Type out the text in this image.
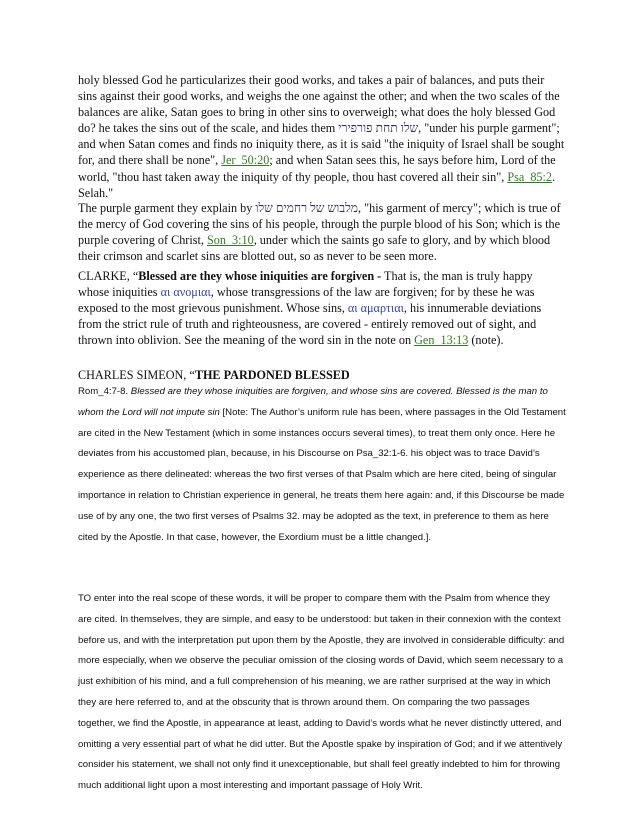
holy blessed God he particularizes their good works, and takes a pair of balances, and puts their sins against their good works, and weighs the one against the other; and when the two scales of the balances are alike, Satan goes to bring in other sins to overweigh; what does the holy blessed God do? he takes the sins out of the scale, and hides them שלו תחת פורפירי, "under his purple garment"; and when Satan comes and finds no iniquity there, as it is said "the iniquity of Israel shall be sought for, and there shall be none", Jer_50:20; and when Satan sees this, he says before him, Lord of the world, "thou hast taken away the iniquity of thy people, thou hast covered all their sin", Psa_85:2. Selah."

The purple garment they explain by מלבוש של רחמים שלו, "his garment of mercy"; which is true of the mercy of God covering the sins of his people, through the purple blood of his Son; which is the purple covering of Christ, Son_3:10, under which the saints go safe to glory, and by which blood their crimson and scarlet sins are blotted out, so as never to be seen more.

CLARKE, “Blessed are they whose iniquities are forgiven - That is, the man is truly happy whose iniquities αι ανομιαι, whose transgressions of the law are forgiven; for by these he was exposed to the most grievous punishment. Whose sins, αι αμαρτιαι, his innumerable deviations from the strict rule of truth and righteousness, are covered - entirely removed out of sight, and thrown into oblivion. See the meaning of the word sin in the note on Gen_13:13 (note).

CHARLES SIMEON, “THE PARDONED BLESSED

Rom_4:7-8. Blessed are they whose iniquities are forgiven, and whose sins are covered. Blessed is the man to whom the Lord will not impute sin [Note: The Author’s uniform rule has been, where passages in the Old Testament are cited in the New Testament (which in some instances occurs several times), to treat them only once. Here he deviates from his accustomed plan, because, in his Discourse on Psa_32:1-6. his object was to trace David’s experience as there delineated: whereas the two first verses of that Psalm which are here cited, being of singular importance in relation to Christian experience in general, he treats them here again: and, if this Discourse be made use of by any one, the two first verses of Psalms 32. may be adopted as the text, in preference to them as here cited by the Apostle. In that case, however, the Exordium must be a little changed.].

TO enter into the real scope of these words, it will be proper to compare them with the Psalm from whence they are cited. In themselves, they are simple, and easy to be understood: but taken in their connexion with the context before us, and with the interpretation put upon them by the Apostle, they are involved in considerable difficulty: and more especially, when we observe the peculiar omission of the closing words of David, which seem necessary to a just exhibition of his mind, and a full comprehension of his meaning, we are rather surprised at the way in which they are here referred to, and at the obscurity that is thrown around them. On comparing the two passages together, we find the Apostle, in appearance at least, adding to David’s words what he never distinctly uttered, and omitting a very essential part of what he did utter. But the Apostle spake by inspiration of God; and if we attentively consider his statement, we shall not only find it unexceptionable, but shall feel greatly indebted to him for throwing much additional light upon a most interesting and important passage of Holy Writ.
